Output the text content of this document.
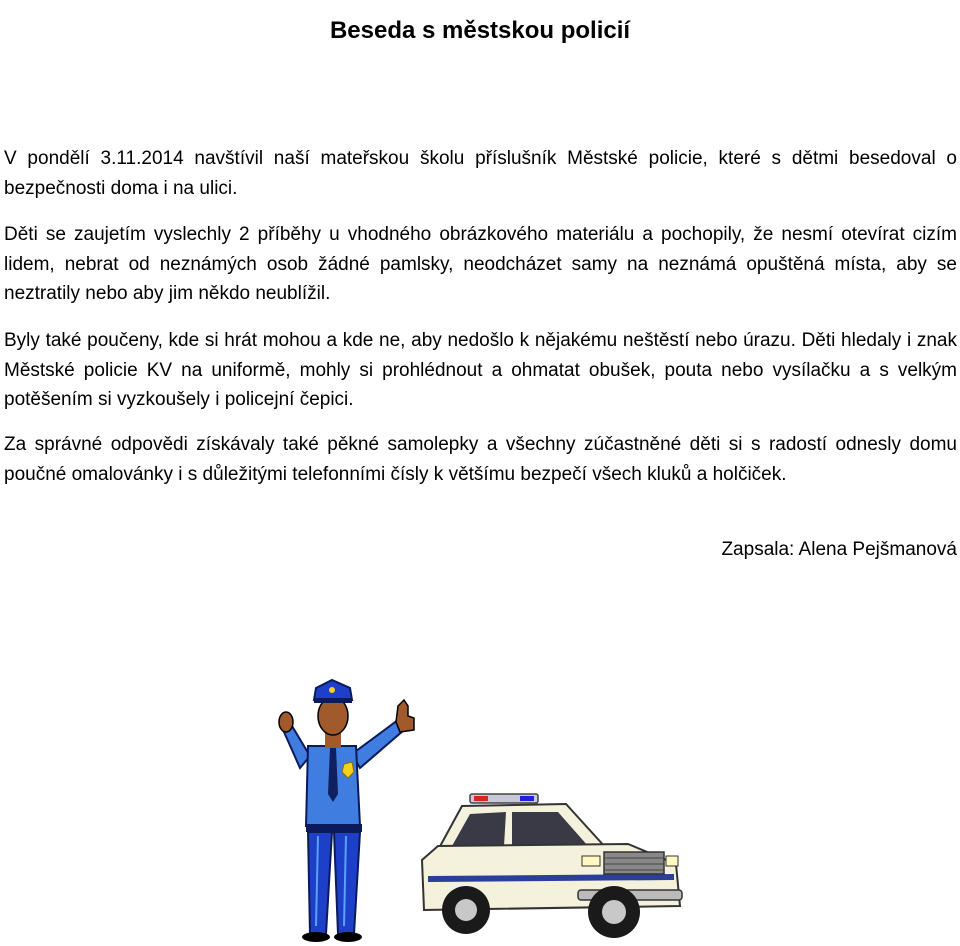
Beseda s městskou policií

V pondělí 3.11.2014 navštívil naší mateřskou školu příslušník Městské policie, které s dětmi besedoval o bezpečnosti doma i na ulici.

Děti se zaujetím vyslechly 2 příběhy u vhodného obrázkového materiálu a pochopily, že nesmí otevírat cizím lidem, nebrat od neznámých osob žádné pamlsky, neodcházet samy na neznámá opuštěná místa, aby se neztratily nebo aby jim někdo neublížil.

Byly také poučeny, kde si hrát mohou a kde ne, aby nedošlo k nějakému neštěstí nebo úrazu. Děti hledaly i znak Městské policie KV na uniformě, mohly si prohlédnout a ohmatat obušek, pouta nebo vysílačku a s velkým potěšením si vyzkoušely i policejní čepici.

Za správné odpovědi získávaly také pěkné samolepky a všechny zúčastněné děti si s radostí odnesly domu poučné omalovánky i s důležitými telefonními čísly k většímu bezpečí všech kluků a holčiček.

Zapsala: Alena Pejšmanová
